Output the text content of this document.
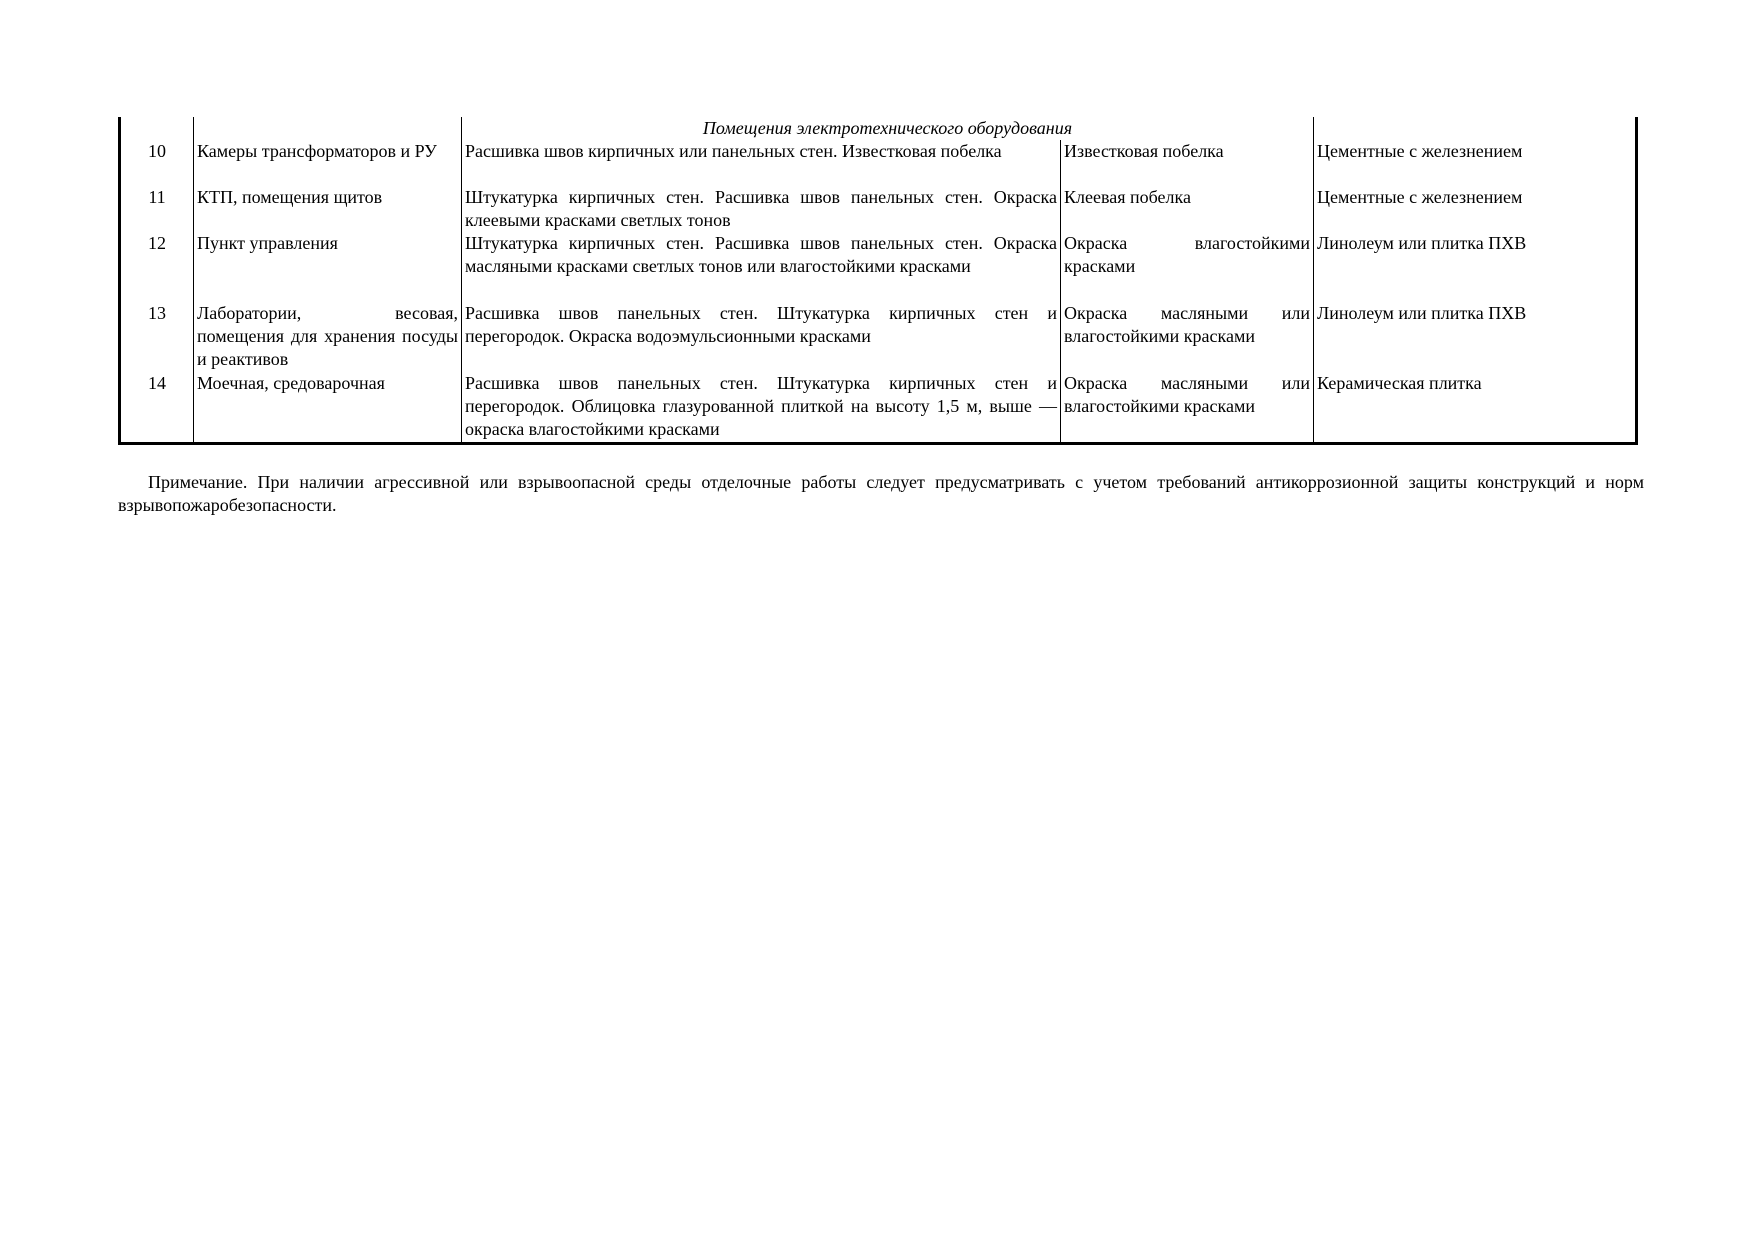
		Помещения электротехнического оборудования		
10	Камеры трансформаторов и РУ	Расшивка швов кирпичных или панельных стен. Известковая побелка	Известковая побелка	Цементные с железнением
11	КТП, помещения щитов	Штукатурка кирпичных стен. Расшивка швов панельных стен. Окраска клеевыми красками светлых тонов	Клеевая побелка	Цементные с железнением
12	Пункт управления	Штукатурка кирпичных стен. Расшивка швов панельных стен. Окраска масляными красками светлых тонов или влагостойкими красками	Окраска влагостойкими красками	Линолеум или плитка ПХВ
13	Лаборатории, весовая, помещения для хранения посуды и реактивов	Расшивка швов панельных стен. Штукатурка кирпичных стен и перегородок. Окраска водоэмульсионными красками	Окраска масляными или влагостойкими красками	Линолеум или плитка ПХВ
14	Моечная, средоварочная	Расшивка швов панельных стен. Штукатурка кирпичных стен и перегородок. Облицовка глазурованной плиткой на высоту 1,5 м, выше — окраска влагостойкими красками	Окраска масляными или влагостойкими красками	Керамическая плитка

Примечание. При наличии агрессивной или взрывоопасной среды отделочные работы следует предусматривать с учетом требований антикоррозионной защиты конструкций и норм взрывопожаробезопасности.
